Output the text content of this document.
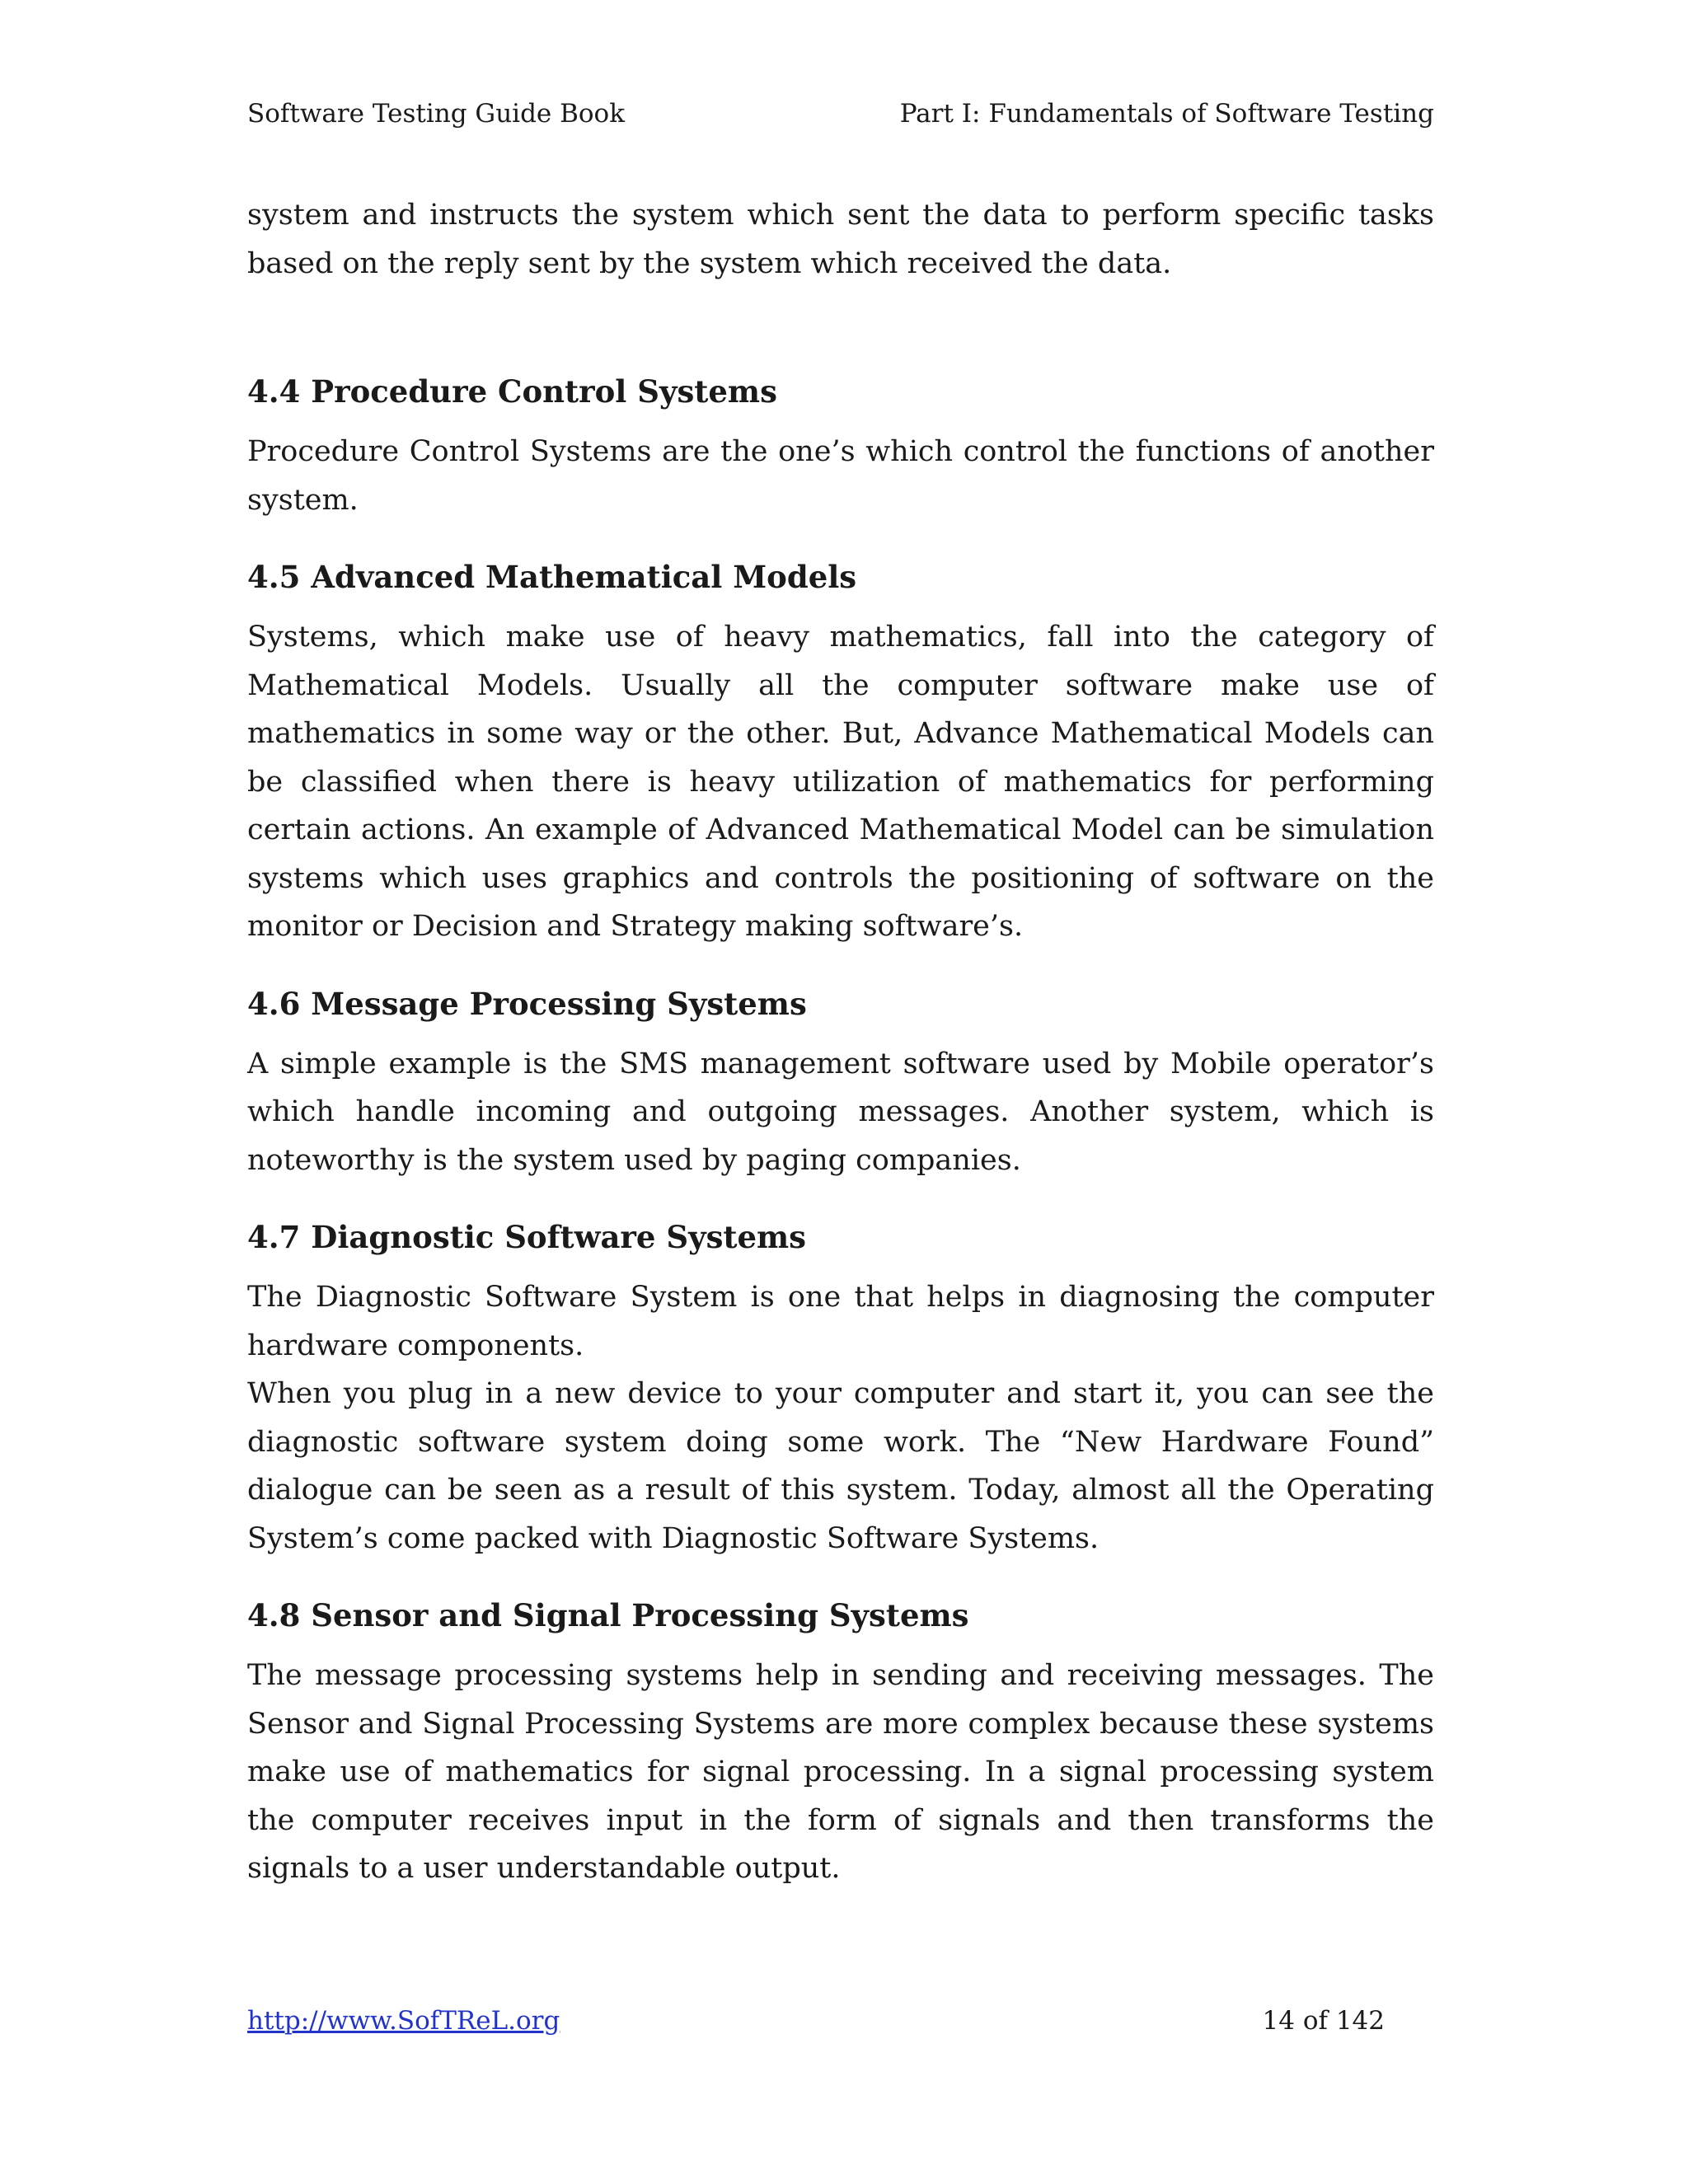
Software Testing Guide Book	Part I: Fundamentals of Software Testing

system and instructs the system which sent the data to perform specific tasks based on the reply sent by the system which received the data.

4.4 Procedure Control Systems

Procedure Control Systems are the one’s which control the functions of another system.

4.5 Advanced Mathematical Models

Systems, which make use of heavy mathematics, fall into the category of Mathematical Models. Usually all the computer software make use of mathematics in some way or the other. But, Advance Mathematical Models can be classified when there is heavy utilization of mathematics for performing certain actions. An example of Advanced Mathematical Model can be simulation systems which uses graphics and controls the positioning of software on the monitor or Decision and Strategy making software’s.

4.6 Message Processing Systems

A simple example is the SMS management software used by Mobile operator’s which handle incoming and outgoing messages. Another system, which is noteworthy is the system used by paging companies.

4.7 Diagnostic Software Systems

The Diagnostic Software System is one that helps in diagnosing the computer hardware components.

When you plug in a new device to your computer and start it, you can see the diagnostic software system doing some work. The “New Hardware Found” dialogue can be seen as a result of this system. Today, almost all the Operating System’s come packed with Diagnostic Software Systems.

4.8 Sensor and Signal Processing Systems

The message processing systems help in sending and receiving messages. The Sensor and Signal Processing Systems are more complex because these systems make use of mathematics for signal processing. In a signal processing system the computer receives input in the form of signals and then transforms the signals to a user understandable output.

http://www.SofTReL.org	14 of 142
